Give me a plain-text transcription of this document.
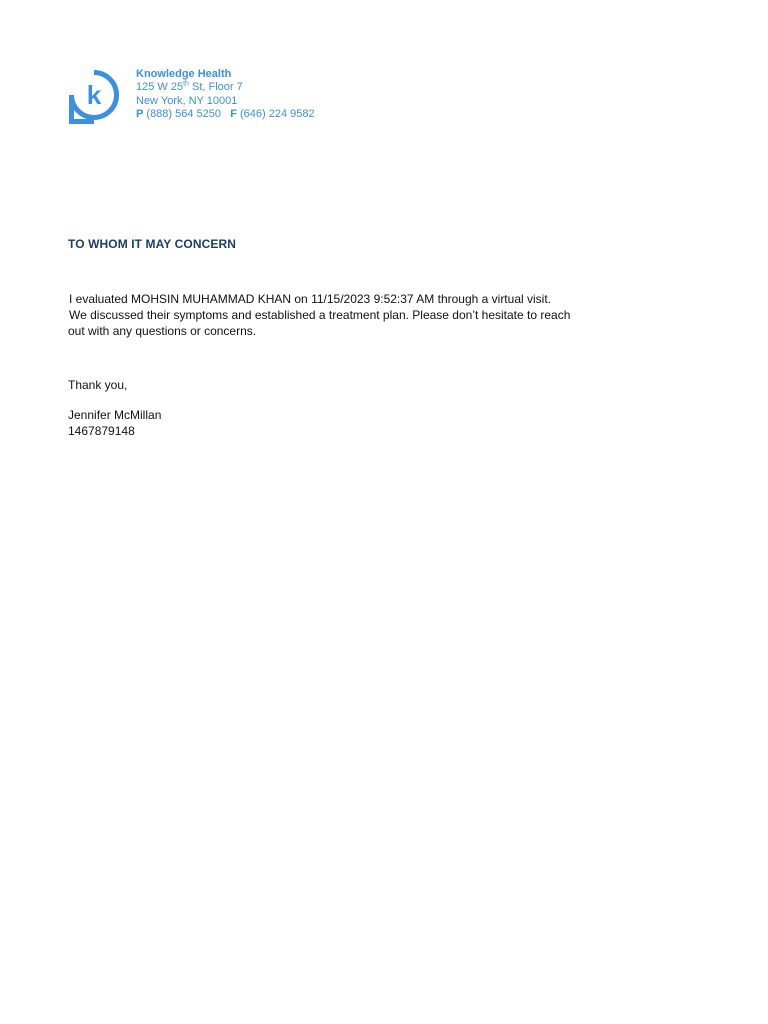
k
Knowledge Health
125 W 25th St, Floor 7
New York, NY 10001
P (888) 564 5250 F (646) 224 9582
TO WHOM IT MAY CONCERN
I evaluated MOHSIN MUHAMMAD KHAN on 11/15/2023 9:52:37 AM through a virtual visit.
We discussed their symptoms and established a treatment plan. Please don’t hesitate to reach
out with any questions or concerns.
Thank you,
Jennifer McMillan
1467879148
